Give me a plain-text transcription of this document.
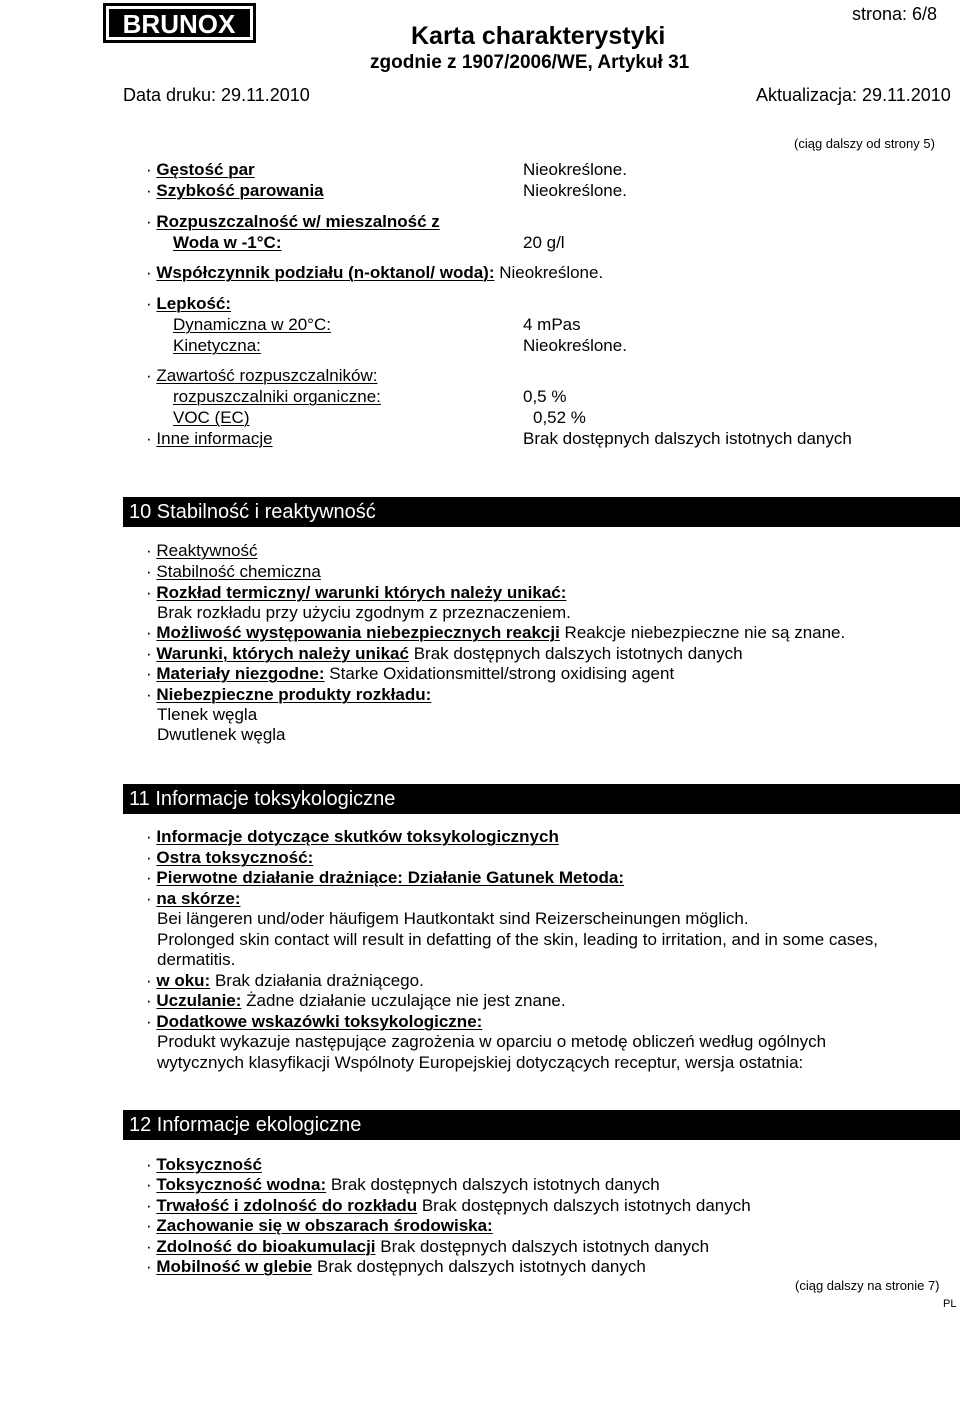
BRUNOX	strona: 6/8
Karta charakterystyki
zgodnie z 1907/2006/WE, Artykuł 31
Data druku: 29.11.2010	Aktualizacja: 29.11.2010
(ciąg dalszy od strony 5)
· Gęstość par	Nieokreślone.
· Szybkość parowania	Nieokreślone.
· Rozpuszczalność w/ mieszalność z
Woda w -1°C:	20 g/l
· Współczynnik podziału (n-oktanol/ woda): Nieokreślone.
· Lepkość:
Dynamiczna w 20°C:	4 mPas
Kinetyczna:	Nieokreślone.
· Zawartość rozpuszczalników:
rozpuszczalniki organiczne:	0,5 %
VOC (EC)	0,52 %
· Inne informacje	Brak dostępnych dalszych istotnych danych
10 Stabilność i reaktywność
· Reaktywność
· Stabilność chemiczna
· Rozkład termiczny/ warunki których należy unikać:
Brak rozkładu przy użyciu zgodnym z przeznaczeniem.
· Możliwość występowania niebezpiecznych reakcji Reakcje niebezpieczne nie są znane.
· Warunki, których należy unikać Brak dostępnych dalszych istotnych danych
· Materiały niezgodne: Starke Oxidationsmittel/strong oxidising agent
· Niebezpieczne produkty rozkładu:
Tlenek węgla
Dwutlenek węgla
11 Informacje toksykologiczne
· Informacje dotyczące skutków toksykologicznych
· Ostra toksyczność:
· Pierwotne działanie drażniące: Działanie Gatunek Metoda:
· na skórze:
Bei längeren und/oder häufigem Hautkontakt sind Reizerscheinungen möglich.
Prolonged skin contact will result in defatting of the skin, leading to irritation, and in some cases,
dermatitis.
· w oku: Brak działania drażniącego.
· Uczulanie: Żadne działanie uczulające nie jest znane.
· Dodatkowe wskazówki toksykologiczne:
Produkt wykazuje następujące zagrożenia w oparciu o metodę obliczeń według ogólnych
wytycznych klasyfikacji Wspólnoty Europejskiej dotyczących receptur, wersja ostatnia:
12 Informacje ekologiczne
· Toksyczność
· Toksyczność wodna: Brak dostępnych dalszych istotnych danych
· Trwałość i zdolność do rozkładu Brak dostępnych dalszych istotnych danych
· Zachowanie się w obszarach środowiska:
· Zdolność do bioakumulacji Brak dostępnych dalszych istotnych danych
· Mobilność w glebie Brak dostępnych dalszych istotnych danych
(ciąg dalszy na stronie 7)
PL
